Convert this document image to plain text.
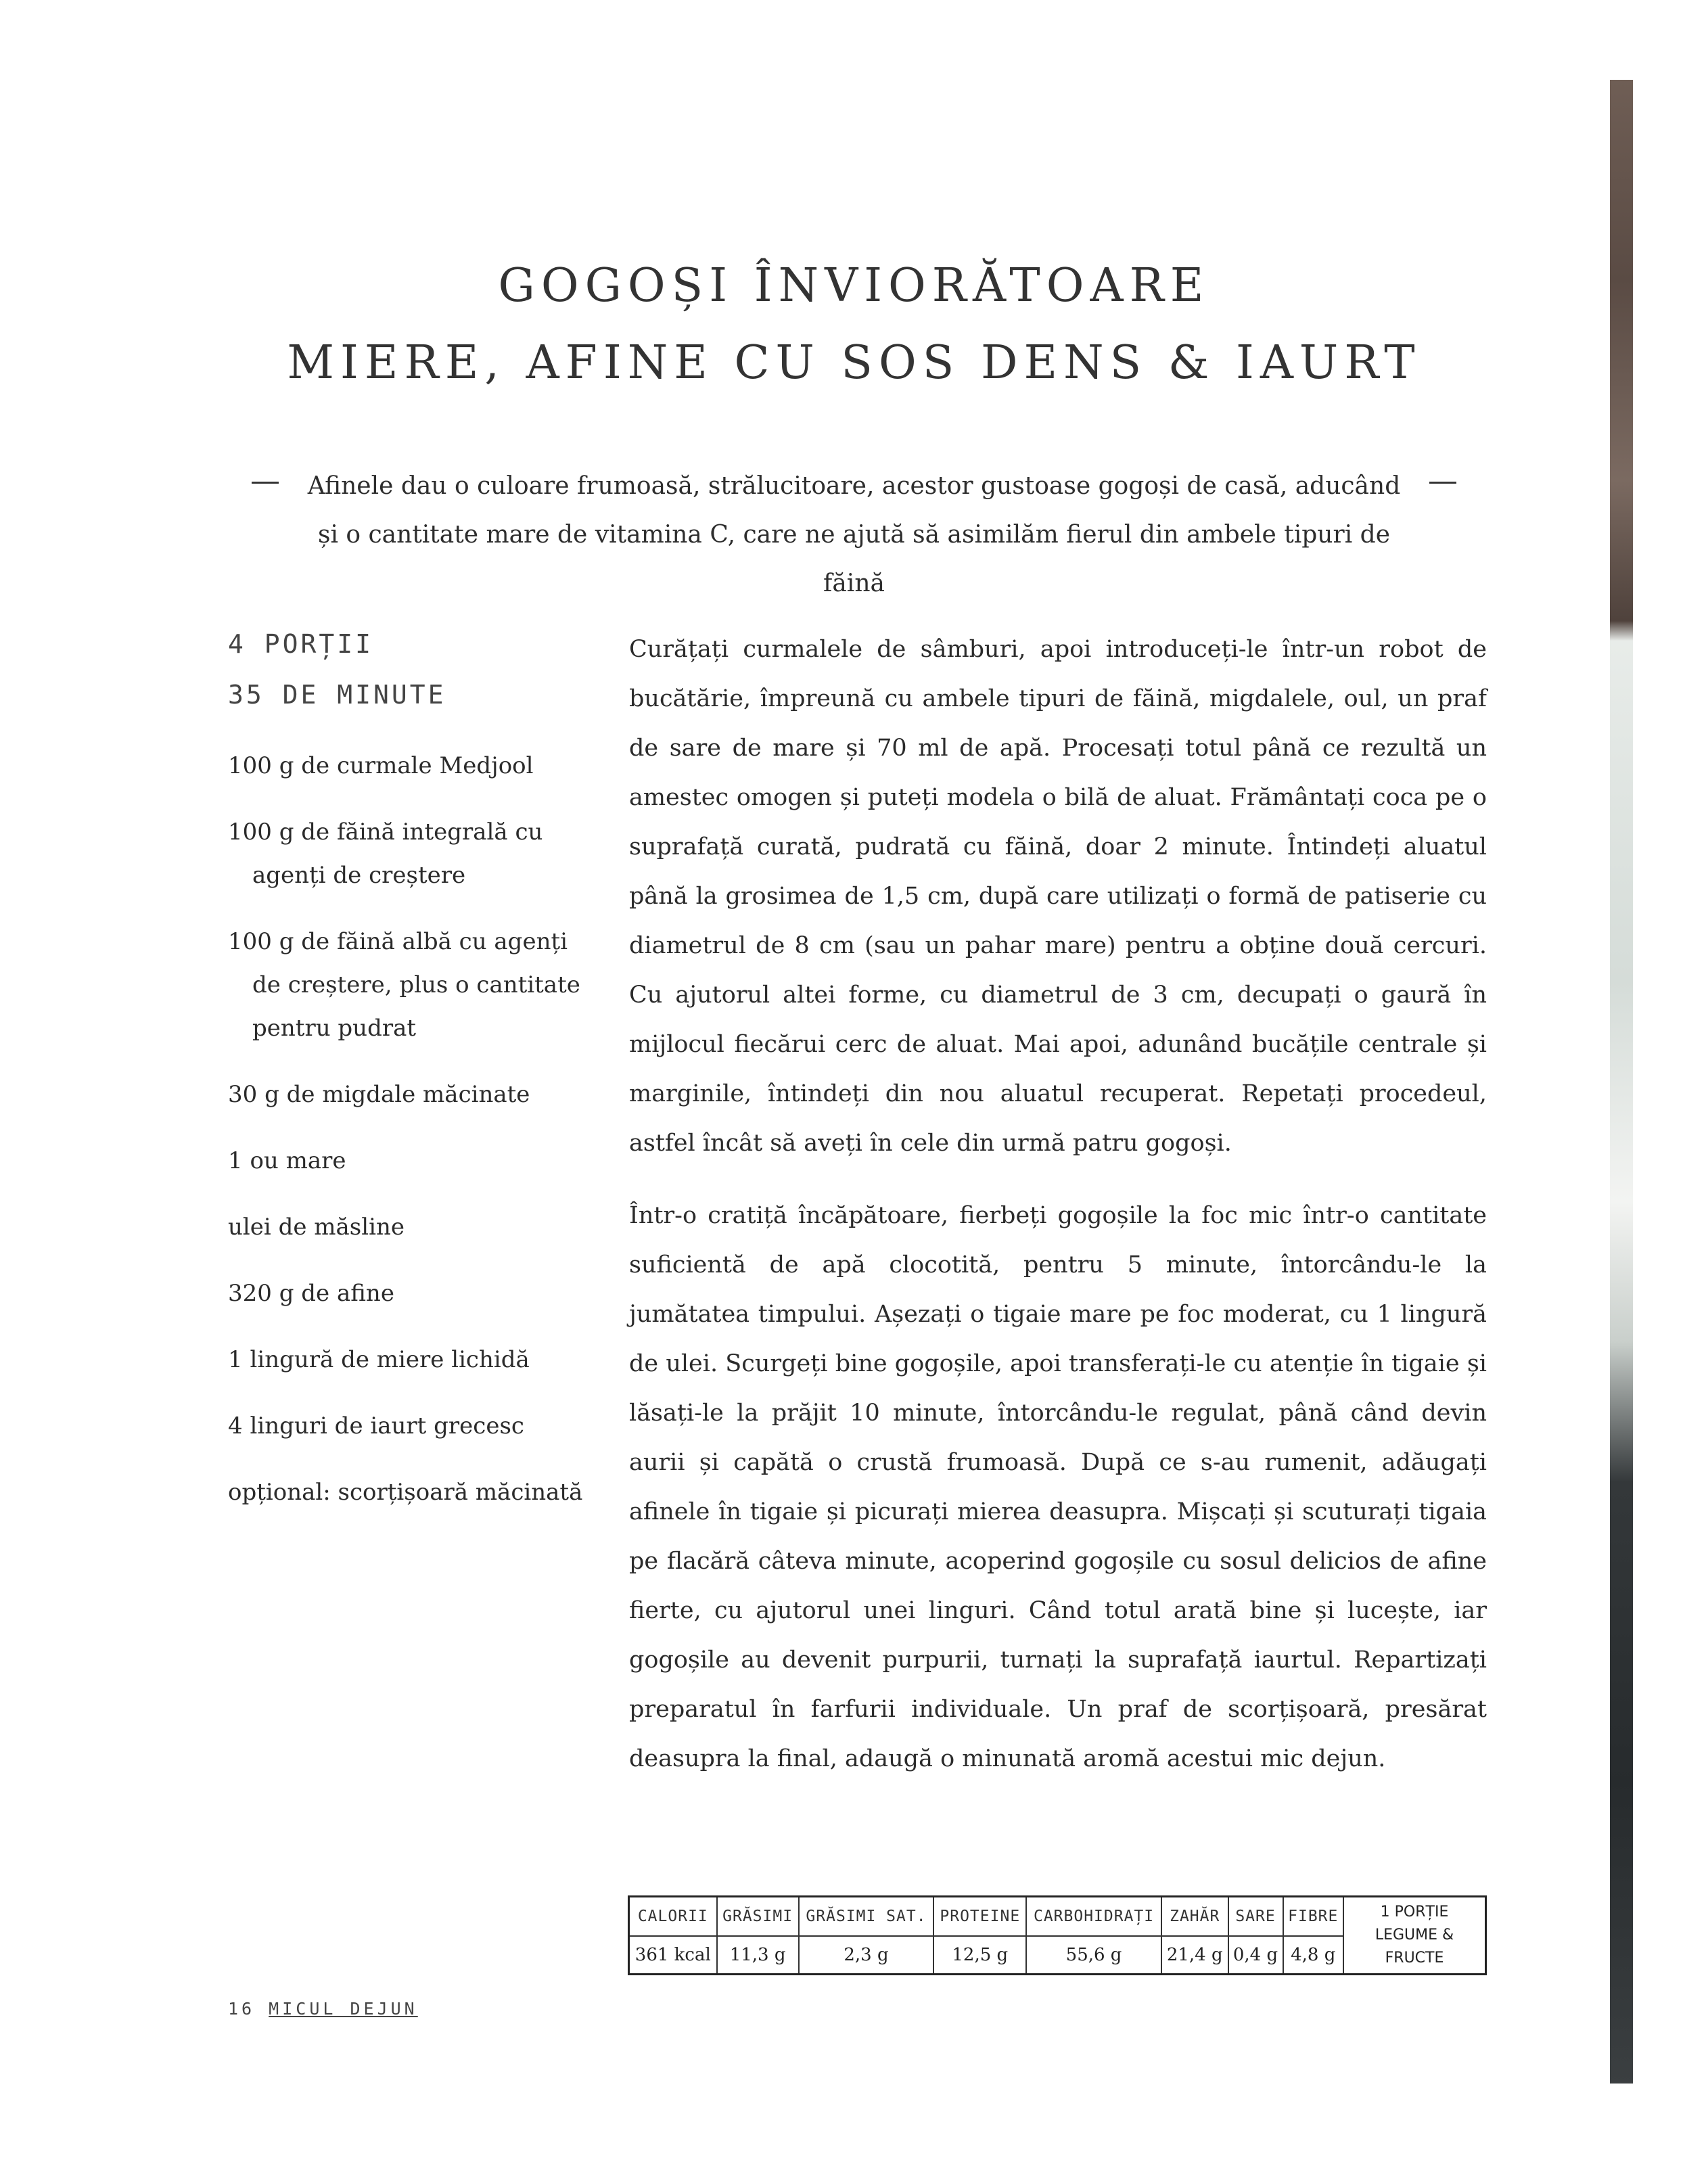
GOGOȘI ÎNVIORĂTOARE
MIERE, AFINE CU SOS DENS & IAURT
Afinele dau o culoare frumoasă, strălucitoare, acestor gustoase gogoși de casă, aducând și o cantitate mare de vitamina C, care ne ajută să asimilăm fierul din ambele tipuri de făină
4 PORȚII
35 DE MINUTE
100 g de curmale Medjool
100 g de făină integrală cu agenți de creștere
100 g de făină albă cu agenți de creștere, plus o cantitate pentru pudrat
30 g de migdale măcinate
1 ou mare
ulei de măsline
320 g de afine
1 lingură de miere lichidă
4 linguri de iaurt grecesc
opțional: scorțișoară măcinată

Curățați curmalele de sâmburi, apoi introduceți-le într-un robot de bucătărie, împreună cu ambele tipuri de făină, migdalele, oul, un praf de sare de mare și 70 ml de apă. Procesați totul până ce rezultă un amestec omogen și puteți modela o bilă de aluat. Frământați coca pe o suprafață curată, pudrată cu făină, doar 2 minute. Întindeți aluatul până la grosimea de 1,5 cm, după care utilizați o formă de patiserie cu diametrul de 8 cm (sau un pahar mare) pentru a obține două cercuri. Cu ajutorul altei forme, cu diametrul de 3 cm, decupați o gaură în mijlocul fiecărui cerc de aluat. Mai apoi, adunând bucățile centrale și marginile, întindeți din nou aluatul recuperat. Repetați procedeul, astfel încât să aveți în cele din urmă patru gogoși.

Într-o cratiță încăpătoare, fierbeți gogoșile la foc mic într-o cantitate suficientă de apă clocotită, pentru 5 minute, întorcându-le la jumătatea timpului. Așezați o tigaie mare pe foc moderat, cu 1 lingură de ulei. Scurgeți bine gogoșile, apoi transferați-le cu atenție în tigaie și lăsați-le la prăjit 10 minute, întorcându-le regulat, până când devin aurii și capătă o crustă frumoasă. După ce s-au rumenit, adăugați afinele în tigaie și picurați mierea deasupra. Mișcați și scuturați tigaia pe flacără câteva minute, acoperind gogoșile cu sosul delicios de afine fierte, cu ajutorul unei linguri. Când totul arată bine și lucește, iar gogoșile au devenit purpurii, turnați la suprafață iaurtul. Repartizați preparatul în farfurii individuale. Un praf de scorțișoară, presărat deasupra la final, adaugă o minunată aromă acestui mic dejun.

CALORII	GRĂSIMI	GRĂSIMI SAT.	PROTEINE	CARBOHIDRAȚI	ZAHĂR	SARE	FIBRE	1 PORȚIE
LEGUME & FRUCTE

361 kcal	11,3 g	2,3 g	12,5 g	55,6 g	21,4 g	0,4 g	4,8 g	
16 MICUL DEJUN
